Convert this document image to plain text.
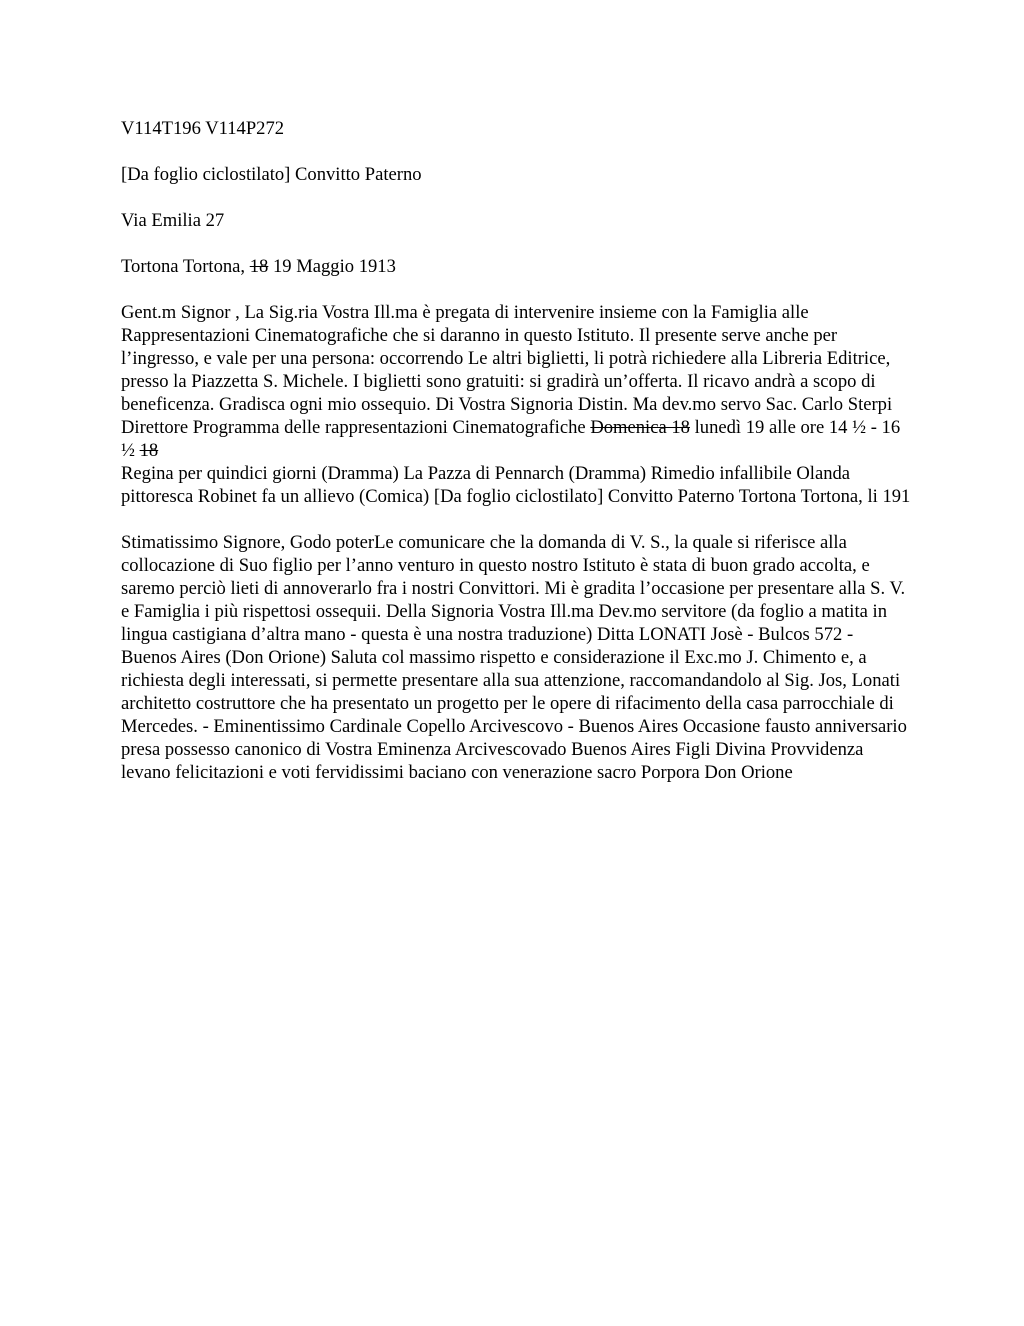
V114T196 V114P272

[Da foglio ciclostilato] Convitto Paterno

Via Emilia 27

Tortona Tortona, 18 19 Maggio 1913

Gent.m Signor , La Sig.ria Vostra Ill.ma è pregata di intervenire insieme con la Famiglia alle Rappresentazioni Cinematografiche che si daranno in questo Istituto. Il presente serve anche per l’ingresso, e vale per una persona: occorrendo Le altri biglietti, li potrà richiedere alla Libreria Editrice, presso la Piazzetta S. Michele. I biglietti sono gratuiti: si gradirà un’offerta. Il ricavo andrà a scopo di beneficenza. Gradisca ogni mio ossequio. Di Vostra Signoria Distin. Ma dev.mo servo Sac. Carlo Sterpi Direttore Programma delle rappresentazioni Cinematografiche Domenica 18 lunedì 19 alle ore 14 ½ - 16 ½ 18

Regina per quindici giorni (Dramma) La Pazza di Pennarch (Dramma) Rimedio infallibile Olanda pittoresca Robinet fa un allievo (Comica) [Da foglio ciclostilato] Convitto Paterno Tortona Tortona, li 191

Stimatissimo Signore, Godo poterLe comunicare che la domanda di V. S., la quale si riferisce alla collocazione di Suo figlio per l’anno venturo in questo nostro Istituto è stata di buon grado accolta, e saremo perciò lieti di annoverarlo fra i nostri Convittori. Mi è gradita l’occasione per presentare alla S. V. e Famiglia i più rispettosi ossequii. Della Signoria Vostra Ill.ma Dev.mo servitore (da foglio a matita in lingua castigiana d’altra mano - questa è una nostra traduzione) Ditta LONATI Josè - Bulcos 572 - Buenos Aires (Don Orione) Saluta col massimo rispetto e considerazione il Exc.mo J. Chimento e, a richiesta degli interessati, si permette presentare alla sua attenzione, raccomandandolo al Sig. Jos, Lonati architetto costruttore che ha presentato un progetto per le opere di rifacimento della casa parrocchiale di Mercedes. - Eminentissimo Cardinale Copello Arcivescovo - Buenos Aires Occasione fausto anniversario presa possesso canonico di Vostra Eminenza Arcivescovado Buenos Aires Figli Divina Provvidenza levano felicitazioni e voti fervidissimi baciano con venerazione sacro Porpora Don Orione
